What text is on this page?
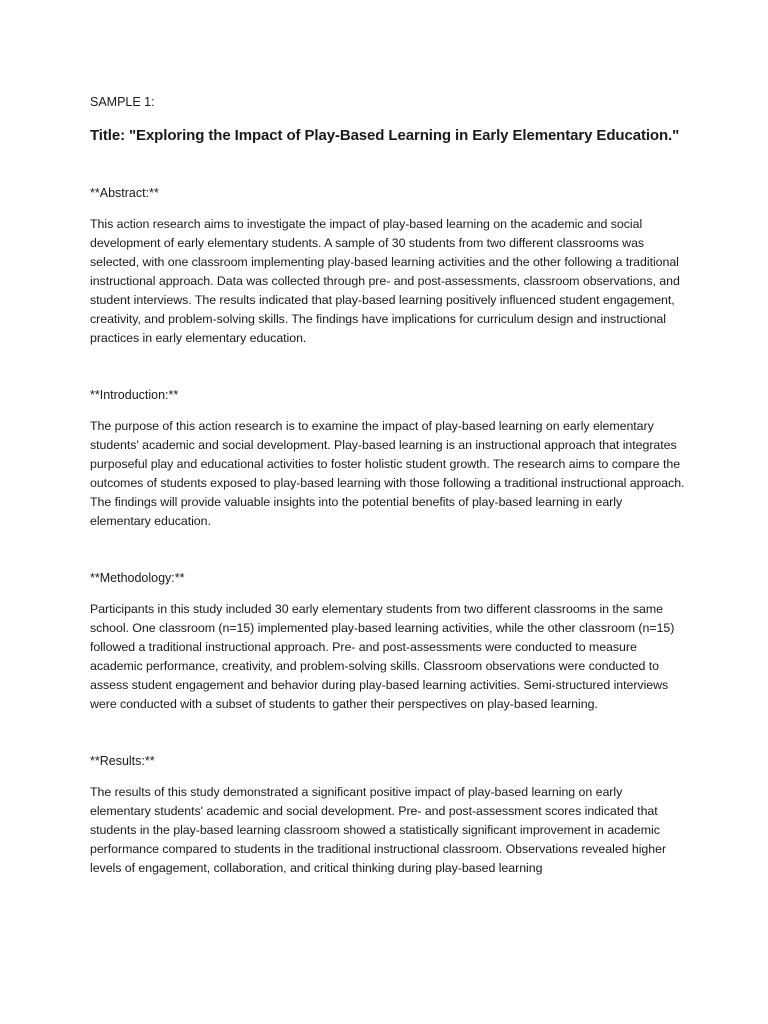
SAMPLE 1:
Title: "Exploring the Impact of Play-Based Learning in Early Elementary Education."
**Abstract:**
This action research aims to investigate the impact of play-based learning on the academic and social development of early elementary students. A sample of 30 students from two different classrooms was selected, with one classroom implementing play-based learning activities and the other following a traditional instructional approach. Data was collected through pre- and post-assessments, classroom observations, and student interviews. The results indicated that play-based learning positively influenced student engagement, creativity, and problem-solving skills. The findings have implications for curriculum design and instructional practices in early elementary education.
**Introduction:**
The purpose of this action research is to examine the impact of play-based learning on early elementary students' academic and social development. Play-based learning is an instructional approach that integrates purposeful play and educational activities to foster holistic student growth. The research aims to compare the outcomes of students exposed to play-based learning with those following a traditional instructional approach. The findings will provide valuable insights into the potential benefits of play-based learning in early elementary education.
**Methodology:**
Participants in this study included 30 early elementary students from two different classrooms in the same school. One classroom (n=15) implemented play-based learning activities, while the other classroom (n=15) followed a traditional instructional approach. Pre- and post-assessments were conducted to measure academic performance, creativity, and problem-solving skills. Classroom observations were conducted to assess student engagement and behavior during play-based learning activities. Semi-structured interviews were conducted with a subset of students to gather their perspectives on play-based learning.
**Results:**
The results of this study demonstrated a significant positive impact of play-based learning on early elementary students' academic and social development. Pre- and post-assessment scores indicated that students in the play-based learning classroom showed a statistically significant improvement in academic performance compared to students in the traditional instructional classroom. Observations revealed higher levels of engagement, collaboration, and critical thinking during play-based learning
